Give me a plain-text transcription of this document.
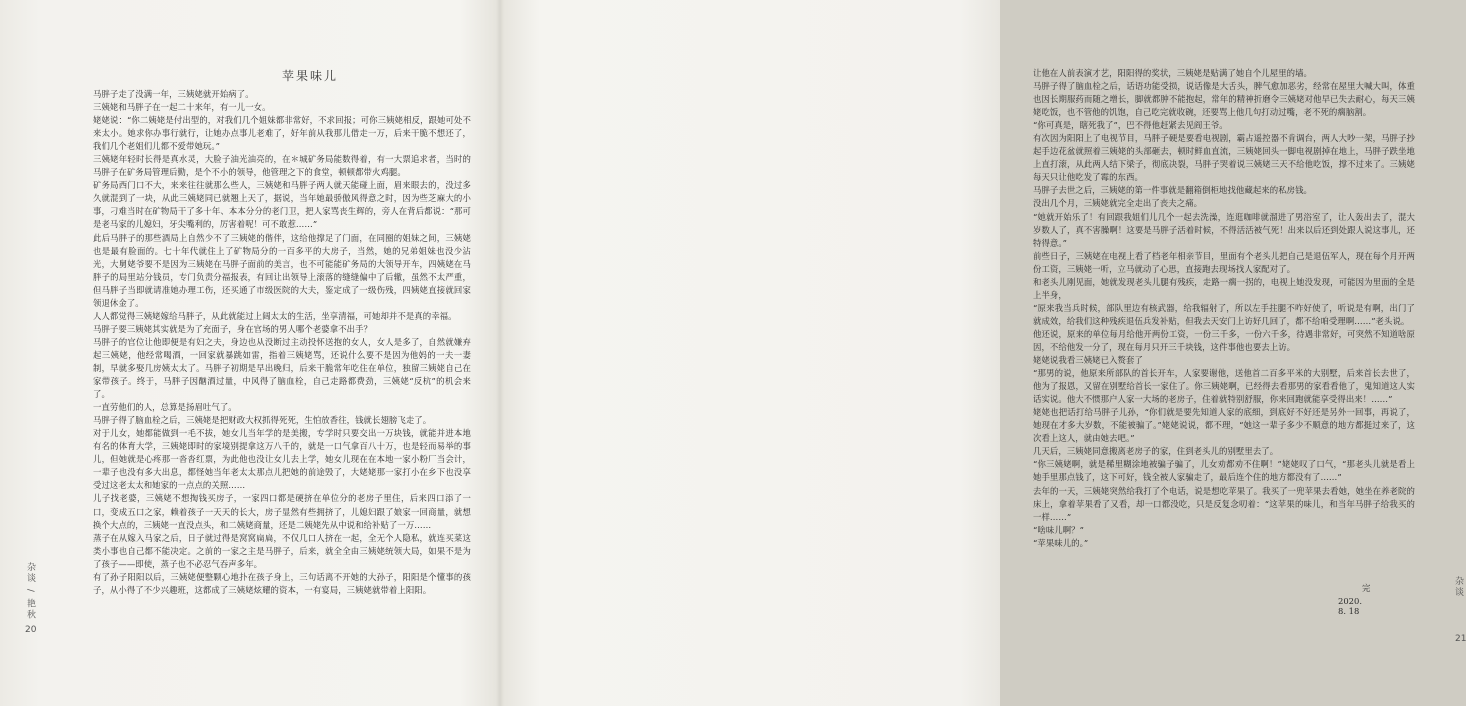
苹果味儿

马胖子走了没满一年，三姨姥就开始病了。

三姨姥和马胖子在一起二十来年，有一儿一女。

姥姥说：“你二姨姥是付出型的，对我们几个姐妹都非常好，不求回报；可你三姨姥相反，跟她可处不来太小。她求你办事行就行，让她办点事儿老难了，好年前从我那儿借走一万，后来干脆不想还了，我们几个老姐们儿都不爱带她玩。”

三姨姥年轻时长得是真水灵，大脸子油光油亮的，在＊城矿务局能数得着，有一大票追求者，当时的马胖子在矿务局管理后勤，是个不小的领导，他管理之下的食堂，顿顿都带火鸡腿。

矿务局西门口不大，来来往往就那么些人，三姨姥和马胖子两人就天能碰上面，眉来眼去的，没过多久就混到了一块，从此三姨姥同已就翘上天了，据说，当年她最骄傲风得意之时，因为些芝麻大的小事，刁难当时在矿物局干了多十年、本本分分的老门卫，把人家骂丧生辉的，旁人在背后都说：“那可是老马家的儿媳妇，牙尖嘴利的，厉害着呢！可不敢惹……”

此后马胖子的那些酒局上自然少不了三姨姥的偕伴，这给他撑足了门面，在同圈的姐妹之间，三姨姥也是最有脸面的。七十年代就住上了矿物局分的一百多平的大房子，当然，她的兄弟姐妹也没少沾光，大舅姥爷要不是因为三姨姥在马胖子面前的美言，也不可能能矿务局的大领导开车，四姨姥在马胖子的局里站分钱员，专门负责分福报表，有回让出领导上滚落的缝缝偏中了后辙，虽然不太严重，但马胖子当即就请准她办理工伤，还买通了市级医院的大夫，鉴定成了一级伤残，四姨姥直接就回家领退休金了。

人人都觉得三姨姥嫁给马胖子，从此就能过上阔太太的生活，坐享清福，可她却并不是真的幸福。

马胖子要三姨姥其实就是为了充面子，身在官场的男人哪个老婆拿不出手？

马胖子的官位让他即便是有妇之夫，身边也从没断过主动投怀送抱的女人，女人是多了，自然就嫌弃起三姨姥，他经常喝酒，一回家就暴跳如雷，指着三姨姥骂，还说什么要不是因为他妈的一夫一妻制，早就多娶几房姨太太了。马胖子初期是早出晚归，后来干脆常年吃住在单位，独留三姨姥自己在家带孩子。终于，马胖子因酗酒过量，中风得了脑血栓，自己走路都费劲，三姨姥“反杭”的机会来了。

一直劳他们的人，总算是扬眉吐气了。

马胖子得了脑血栓之后，三姨姥是把财政大权抓得死死，生怕放香往，钱就长翅膀飞走了。

对于儿女，她都能做到一毛不拔，她女儿当年学的是美搬，专学时只要交出一万块钱，就能并进本地有名的体育大学，三姨姥即时的家境别提拿这万八千的，就是一口气拿百八十万，也是轻而易举的事儿，但她就是心疼那一沓沓红票，为此他也没让女儿去上学，她女儿现在在本地一家小粉厂当会计，一辈子也没有多大出息，都怪她当年老太太那点儿把她的前途毁了，大姥姥那一家打小在乡下也没享受过这老太太和她家的一点点的关照……

儿子找老婆，三姨姥不想掏钱买房子，一家四口都是硬挤在单位分的老房子里住，后来四口添了一口，变成五口之家，赖着孩子一天天的长大，房子显然有些拥挤了，儿媳妇跟了娘家一回商量，就想换个大点的，三姨姥一直没点头，和二姨姥商量，还是二姨姥先从中说和给补贴了一万……

蒸子在从嫁入马家之后，日子就过得是窝窝扁扁，不仅几口人挤在一起，全无个人隐私，就连买菜这类小事也自己都不能决定。之前的一家之主是马胖子，后来，就全全由三姨姥统领大局，如果不是为了孩子——即使，蒸子也不必忍气吞声多年。

有了孙子阳阳以后，三姨姥便整颗心地扑在孩子身上，三句话离不开她的大孙子，阳阳是个懂事的孩子，从小得了不少兴趣班，这都成了三姨姥炫耀的资本，一有宴局，三姨姥就带着上阳阳。

杂谈 / 艳秋
20

让他在人前表演才艺，阳阳得的奖状，三姨姥是贴满了她自个儿屋里的墙。

马胖子得了脑血栓之后，话语功能受损，说话像是大舌头，脾气愈加恶劣，经常在屋里大喊大叫，体重也因长期服药而随之增长，脚就都肿不能抱起，常年的精神折磨令三姨姥对他早已失去耐心，每天三姨姥吃饭，也不管他的饥饱，自己吃完就收碗，还要骂上他几句打动过嘴，老不死的瘸脑割。

“你可真是，瞎死我了”，巴不得他赶紧去见阎王爷。

有次因为阳阳上了电视节目，马胖子硬是要看电视剧，霸占遥控器不肯调台，两人大吵一架，马胖子抄起手边花盆就照着三姨姥的头部砸去，顿时鲜血直流，三姨姥回头一脚电视剧掉在地上，马胖子跌坐地上直打滚，从此两人结下梁子，彻底决裂，马胖子哭着说三姨姥三天不给他吃饭，撑不过来了。三姨姥每天只让他吃发了霉的东西。

马胖子去世之后，三姨姥的第一件事就是翻箱倒柜地找他藏起来的私房钱。

没出几个月，三姨姥就完全走出了丧夫之痛。

“她就开始乐了！有回跟我姐们儿几个一起去洗澡，连逛咖啡就溜进了男浴室了，让人轰出去了，混大岁数人了，真不害臊啊！这要是马胖子活着时候，不得活活被气死！出来以后还到处跟人说这事儿，还特得意。”

前些日子，三姨姥在电视上看了档老年相亲节目，里面有个老头儿把自己是退伍军人，现在每个月开两份工资，三姨姥一听，立马就动了心思，直接跑去现场找人家配对了。

和老头儿刚见面，她就发现老头儿腿有残疾，走路一瘸一拐的，电视上她没发现，可能因为里面的全是上半身，

“原来我当兵时候，部队里边有核武器，给我辐射了，所以左手拄腿不咋好使了，听说是有啊，出门了就成效，给我们这种残疾退伍兵发补贴，但我去天安门上访好几回了，都不给咱受理啊……”老头说。

他还说，原来的单位每月给他开两份工资，一份三千多，一份六千多，待遇非常好，可突然不知道啥原因，不给他发一分了，现在每月只开三千块钱，这件事他也要去上访。

姥姥说我看三姨姥已入赘套了

“那男的说，他原来所部队的首长开车，人家要谢他，送他首二百多平米的大别墅，后来首长去世了，他为了报恩，又留在别墅给首长一家住了。你三姨姥啊，已经得去看那男的家看看他了，鬼知道这人实话实说。他大不惯那户人家一大场的老房子，住着就特别舒服，你来回跑就能享受得出来！……”

姥姥也把话打给马胖子儿孙，“你们就是要先知道人家的底细，到底好不好还是另外一回事，再说了，她现在才多大岁数，不能被骗了。”姥姥说说，都不理，“她这一辈子多少不顺意的地方都挺过来了，这次看上这人，就由她去吧。”

几天后，三姨姥同意搬离老房子的家，住到老头儿的别墅里去了。

“你三姨姥啊，就是稀里糊涂地被骗子骗了，儿女劝都劝不住啊！”姥姥叹了口气，“那老头儿就是看上她手里那点钱了，这下可好，钱全被人家骗走了，最后连个住的地方都没有了……”

去年的一天，三姨姥突然给我打了个电话，说是想吃苹果了。我买了一兜苹果去看她，她坐在养老院的床上，拿着苹果看了又看，却一口都没吃，只是反复念叨着：“这苹果的味儿，和当年马胖子给我买的一样……”

“啥味儿啊？”

“苹果味儿的。”

完
2020. 8. 18
杂谈
21
